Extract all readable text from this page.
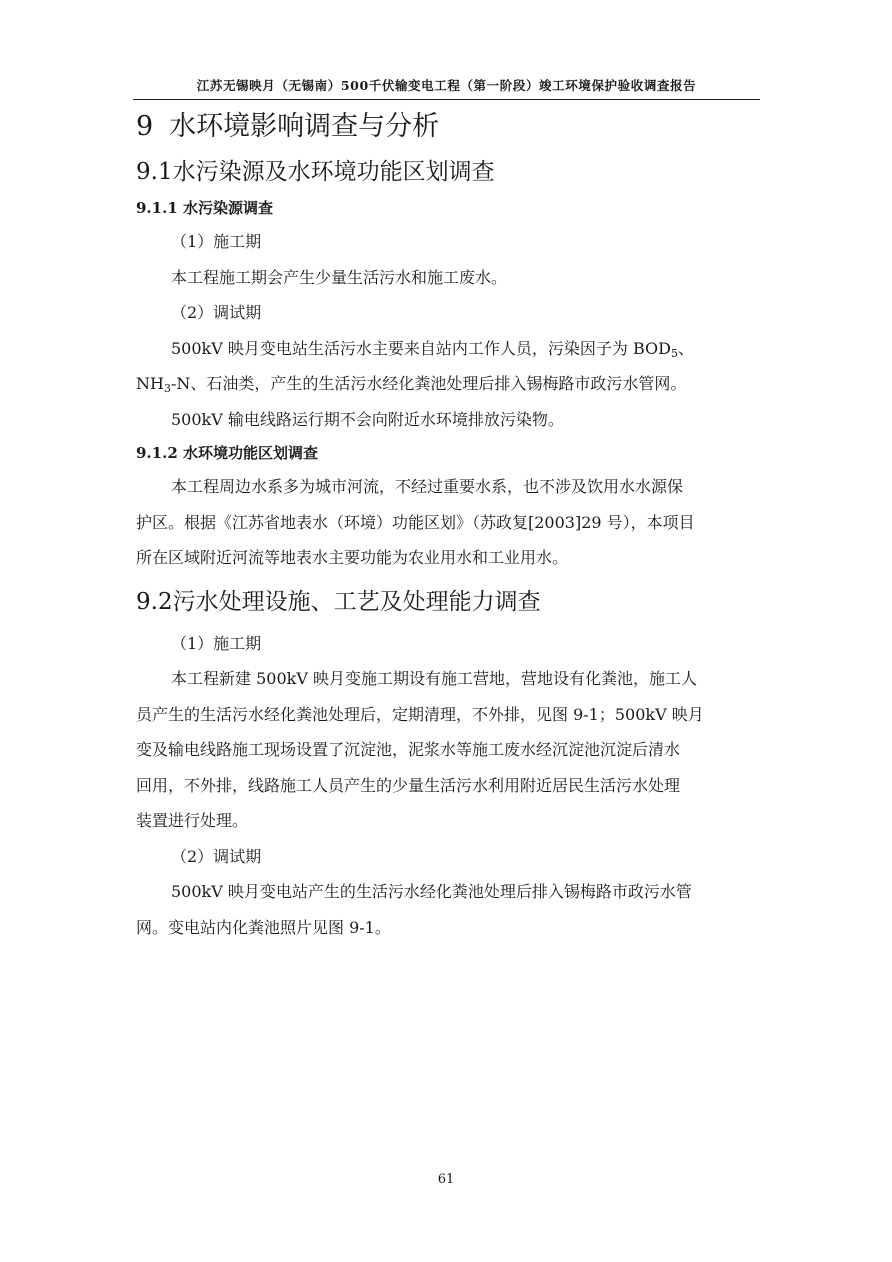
江苏无锡映月（无锡南）500千伏输变电工程（第一阶段）竣工环境保护验收调查报告
9 水环境影响调查与分析
9.1水污染源及水环境功能区划调查
9.1.1 水污染源调查

（1）施工期

本工程施工期会产生少量生活污水和施工废水。

（2）调试期

500kV 映月变电站生活污水主要来自站内工作人员，污染因子为 $BOD_5$、

$NH_3-N$、石油类，产生的生活污水经化粪池处理后排入锡梅路市政污水管网。

500kV 输电线路运行期不会向附近水环境排放污染物。

9.1.2 水环境功能区划调查

本工程周边水系多为城市河流，不经过重要水系，也不涉及饮用水水源保

护区。根据《江苏省地表水（环境）功能区划》（苏政复[2003]29 号），本项目

所在区域附近河流等地表水主要功能为农业用水和工业用水。

9.2污水处理设施、工艺及处理能力调查

（1）施工期

本工程新建 500kV 映月变施工期设有施工营地，营地设有化粪池，施工人

员产生的生活污水经化粪池处理后，定期清理，不外排，见图 9-1；500kV 映月

变及输电线路施工现场设置了沉淀池，泥浆水等施工废水经沉淀池沉淀后清水

回用，不外排，线路施工人员产生的少量生活污水利用附近居民生活污水处理

装置进行处理。

（2）调试期

500kV 映月变电站产生的生活污水经化粪池处理后排入锡梅路市政污水管

网。变电站内化粪池照片见图 9-1。

61
